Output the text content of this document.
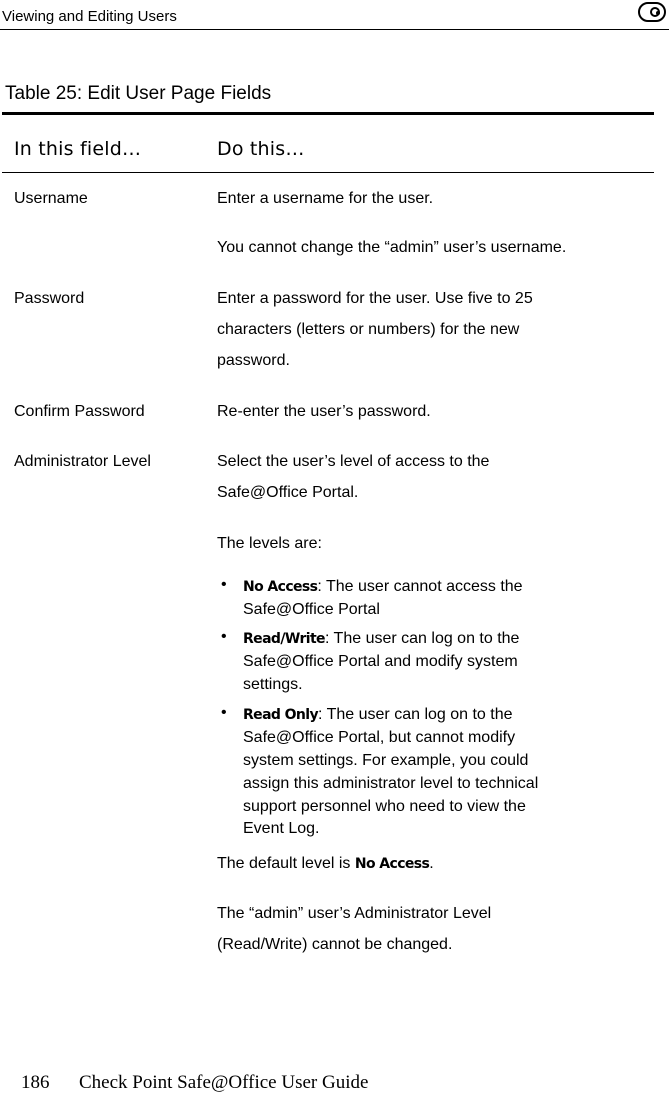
Viewing and Editing Users
Table 25: Edit User Page Fields
In this field…	Do this…
Username	Enter a username for the user.
You cannot change the “admin” user’s username.
Password	Enter a password for the user. Use five to 25
characters (letters or numbers) for the new
password.
Confirm Password	Re-enter the user’s password.
Administrator Level	Select the user’s level of access to the
Safe@Office Portal.
The levels are:
• No Access: The user cannot access the
Safe@Office Portal
• Read/Write: The user can log on to the
Safe@Office Portal and modify system
settings.
• Read Only: The user can log on to the
Safe@Office Portal, but cannot modify
system settings. For example, you could
assign this administrator level to technical
support personnel who need to view the
Event Log.
The default level is No Access.
The “admin” user’s Administrator Level
(Read/Write) cannot be changed.
186 Check Point Safe@Office User Guide
